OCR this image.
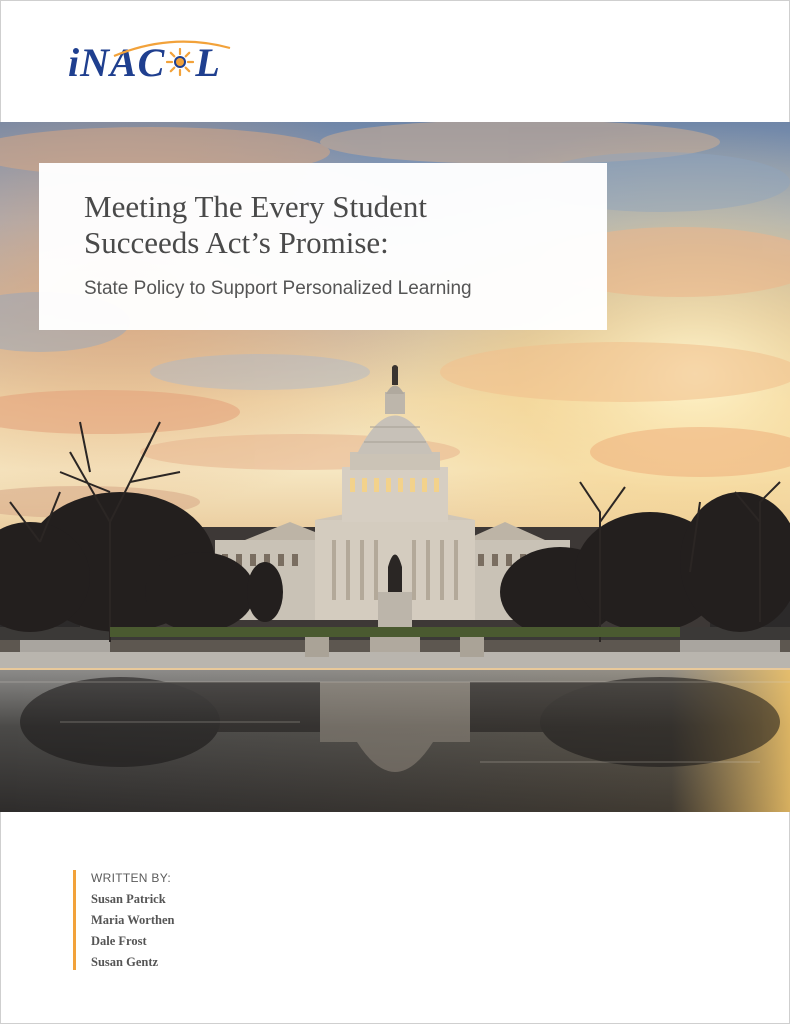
iNAC L
Meeting The Every Student
Succeeds Act’s Promise:
State Policy to Support Personalized Learning
WRITTEN BY:
Susan Patrick
Maria Worthen
Dale Frost
Susan Gentz
